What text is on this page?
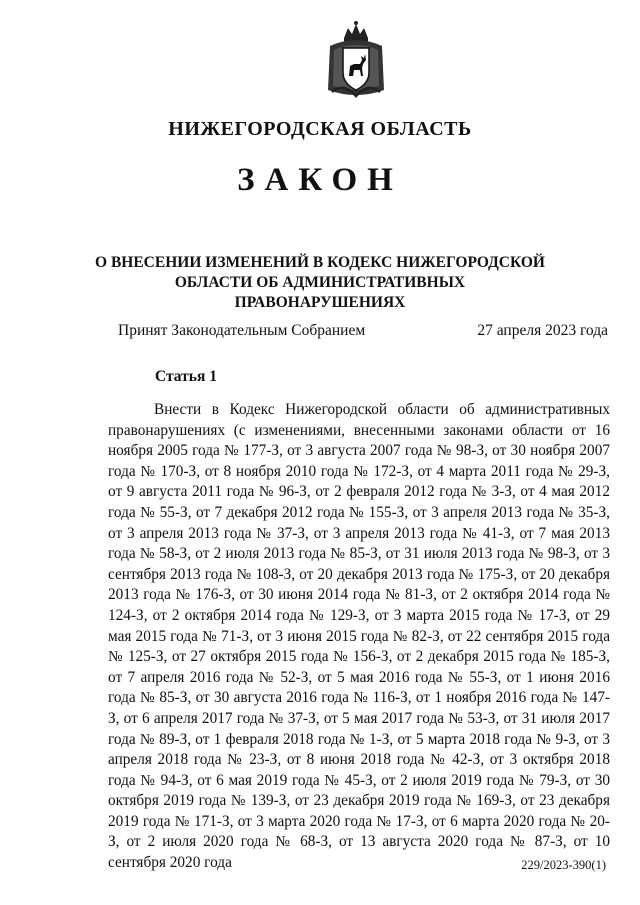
НИЖЕГОРОДСКАЯ ОБЛАСТЬ
ЗАКОН
О ВНЕСЕНИИ ИЗМЕНЕНИЙ В КОДЕКС НИЖЕГОРОДСКОЙ
ОБЛАСТИ ОБ АДМИНИСТРАТИВНЫХ ПРАВОНАРУШЕНИЯХ
Принят Законодательным Собранием	27 апреля 2023 года
Статья 1
Внести в Кодекс Нижегородской области об административных правонарушениях (с изменениями, внесенными законами области от 16 ноября 2005 года № 177-З, от 3 августа 2007 года № 98-З, от 30 ноября 2007 года № 170-З, от 8 ноября 2010 года № 172-З, от 4 марта 2011 года № 29-З, от 9 августа 2011 года № 96-З, от 2 февраля 2012 года № 3-З, от 4 мая 2012 года № 55-З, от 7 декабря 2012 года № 155-З, от 3 апреля 2013 года № 35-З, от 3 апреля 2013 года № 37-З, от 3 апреля 2013 года № 41-З, от 7 мая 2013 года № 58-З, от 2 июля 2013 года № 85-З, от 31 июля 2013 года № 98-З, от 3 сентября 2013 года № 108-З, от 20 декабря 2013 года № 175-З, от 20 декабря 2013 года № 176-З, от 30 июня 2014 года № 81-З, от 2 октября 2014 года № 124-З, от 2 октября 2014 года № 129-З, от 3 марта 2015 года № 17-З, от 29 мая 2015 года № 71-З, от 3 июня 2015 года № 82-З, от 22 сентября 2015 года № 125-З, от 27 октября 2015 года № 156-З, от 2 декабря 2015 года № 185-З, от 7 апреля 2016 года № 52-З, от 5 мая 2016 года № 55-З, от 1 июня 2016 года № 85-З, от 30 августа 2016 года № 116-З, от 1 ноября 2016 года № 147-З, от 6 апреля 2017 года № 37-З, от 5 мая 2017 года № 53-З, от 31 июля 2017 года № 89-З, от 1 февраля 2018 года № 1-З, от 5 марта 2018 года № 9-З, от 3 апреля 2018 года № 23-З, от 8 июня 2018 года № 42-З, от 3 октября 2018 года № 94-З, от 6 мая 2019 года № 45-З, от 2 июля 2019 года № 79-З, от 30 октября 2019 года № 139-З, от 23 декабря 2019 года № 169-З, от 23 декабря 2019 года № 171-З, от 3 марта 2020 года № 17-З, от 6 марта 2020 года № 20-З, от 2 июля 2020 года № 68-З, от 13 августа 2020 года № 87-З, от 10 сентября 2020 года	229/2023-390(1)
